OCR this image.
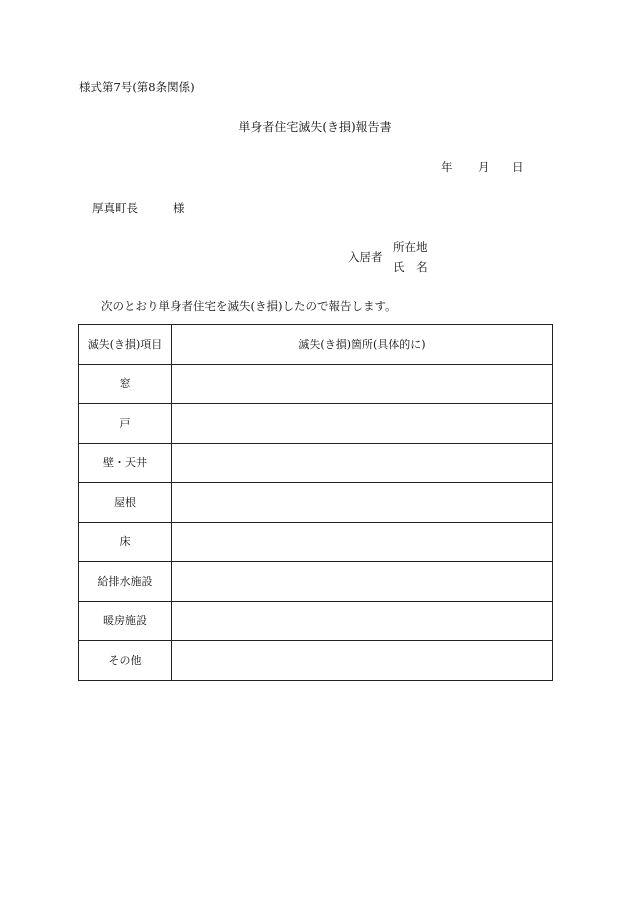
様式第7号(第8条関係)
単身者住宅滅失(き損)報告書
年 月 日
厚真町長	様
入居者
所在地
氏 名
次のとおり単身者住宅を滅失(き損)したので報告します。
滅失(き損)項目	滅失(き損)箇所(具体的に)
窓	
戸	
壁・天井	
屋根	
床	
給排水施設	
暖房施設	
その他	
